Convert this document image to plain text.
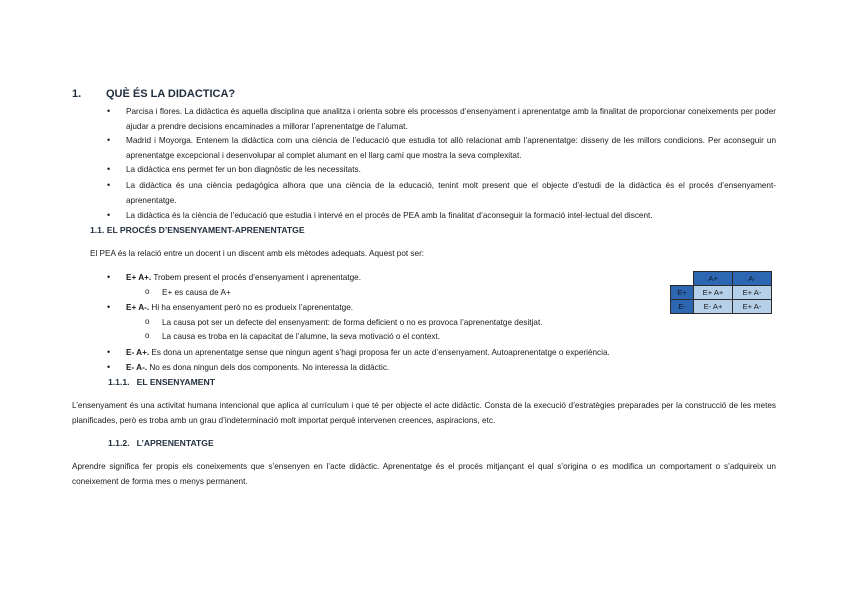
1. QUÈ ÉS LA DIDACTICA?
• Parcisa i flores. La didàctica és aquella disciplina que analitza i orienta sobre els processos d’ensenyament i aprenentatge amb la finalitat de proporcionar coneixements per poder ajudar a prendre decisions encaminades a millorar l’aprenentatge de l’alumat.
• Madrid i Moyorga. Entenem la didàctica com una ciència de l’educació que estudia tot allò relacionat amb l’aprenentatge: disseny de les millors condicions. Per aconseguir un aprenentatge excepcional i desenvolupar al complet alumant en el llarg camí que mostra la seva complexitat.
• La didàctica ens permet fer un bon diagnòstic de les necessitats.
• La didàctica és una ciència pedagògica alhora que una ciència de la educació, tenint molt present que el objecte d’estudi de la didàctica és el procés d’ensenyament-aprenentatge.
• La didàctica és la ciència de l’educació que estudia i intervé en el procés de PEA amb la finalitat d’aconseguir la formació intel·lectual del discent.
1.1. EL PROCÉS D’ENSENYAMENT-APRENENTATGE
El PEA és la relació entre un docent i un discent amb els mètodes adequats. Aquest pot ser:
• E+ A+. Trobem present el procés d’ensenyament i aprenentatge.
o E+ es causa de A+
• E+ A-. Hi ha ensenyament però no es produeix l’aprenentatge.
o La causa pot ser un defecte del ensenyament: de forma deficient o no es provoca l’aprenentatge desitjat.
o La causa es troba en la capacitat de l’alumne, la seva motivació o el context.
• E- A+. Es dona un aprenentatge sense que ningun agent s’hagi proposa fer un acte d’ensenyament. Autoaprenentatge o experiència.
• E- A-. No es dona ningun dels dos components. No interessa la didàctic.
	A+	A-
E+	E+ A+	E+ A-
E-	E- A+	E+ A-
1.1.1.   EL ENSENYAMENT
L’ensenyament és una activitat humana intencional que aplica al currículum i que té per objecte el acte didàctic. Consta de la execució d’estratègies preparades per la construcció de les metes planificades, però es troba amb un grau d’indeterminació molt importat perquè intervenen creences, aspiracions, etc.
1.1.2.   L’APRENENTATGE
Aprendre significa fer propis els coneixements que s’ensenyen en l’acte didàctic. Aprenentatge és el procés mitjançant el qual s’origina o es modifica un comportament o s’adquireix un coneixement de forma mes o menys permanent.
